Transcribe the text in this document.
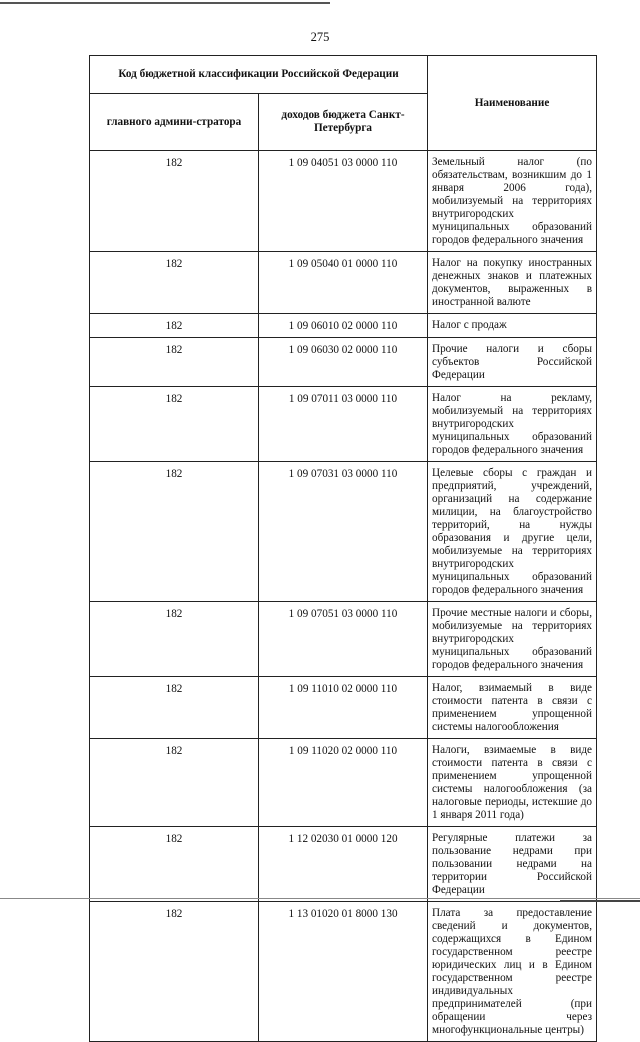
275
Код бюджетной классификации Российской Федерации		Наименование
главного админи-стратора	доходов бюджета Санкт-Петербурга	
182	1 09 04051 03 0000 110	Земельный налог (по обязательствам, возникшим до 1 января 2006 года), мобилизуемый на территориях внутригородских муниципальных образований городов федерального значения
182	1 09 05040 01 0000 110	Налог на покупку иностранных денежных знаков и платежных документов, выраженных в иностранной валюте
182	1 09 06010 02 0000 110	Налог с продаж
182	1 09 06030 02 0000 110	Прочие налоги и сборы субъектов Российской Федерации
182	1 09 07011 03 0000 110	Налог на рекламу, мобилизуемый на территориях внутригородских муниципальных образований городов федерального значения
182	1 09 07031 03 0000 110	Целевые сборы с граждан и предприятий, учреждений, организаций на содержание милиции, на благоустройство территорий, на нужды образования и другие цели, мобилизуемые на территориях внутригородских муниципальных образований городов федерального значения
182	1 09 07051 03 0000 110	Прочие местные налоги и сборы, мобилизуемые на территориях внутригородских муниципальных образований городов федерального значения
182	1 09 11010 02 0000 110	Налог, взимаемый в виде стоимости патента в связи с применением упрощенной системы налогообложения
182	1 09 11020 02 0000 110	Налоги, взимаемые в виде стоимости патента в связи с применением упрощенной системы налогообложения (за налоговые периоды, истекшие до 1 января 2011 года)
182	1 12 02030 01 0000 120	Регулярные платежи за пользование недрами при пользовании недрами на территории Российской Федерации
182	1 13 01020 01 8000 130	Плата за предоставление сведений и документов, содержащихся в Едином государственном реестре юридических лиц и в Едином государственном реестре индивидуальных предпринимателей (при обращении через многофункциональные центры)
